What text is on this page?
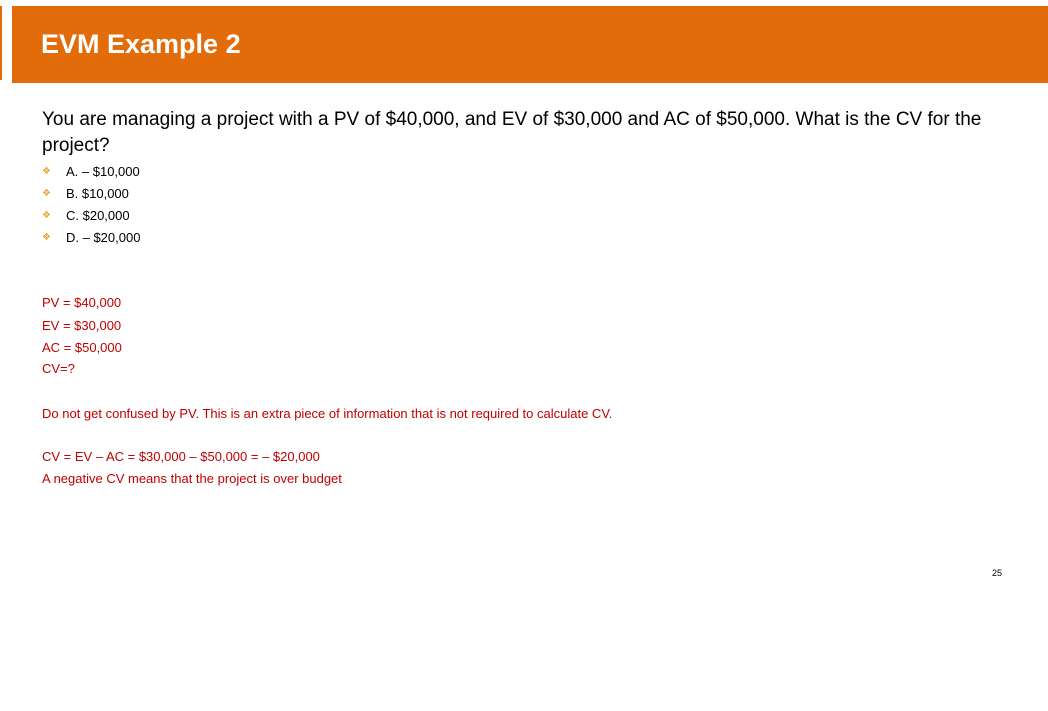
EVM Example 2

You are managing a project with a PV of $40,000, and EV of $30,000 and AC of $50,000. What is the CV for the project?

❖	A. – $10,000
❖	B. $10,000
❖	C. $20,000
❖	D. – $20,000

PV = $40,000

EV = $30,000

AC = $50,000

CV=?

Do not get confused by PV. This is an extra piece of information that is not required to calculate CV.

CV = EV – AC = $30,000 – $50,000 = – $20,000

A negative CV means that the project is over budget

25
